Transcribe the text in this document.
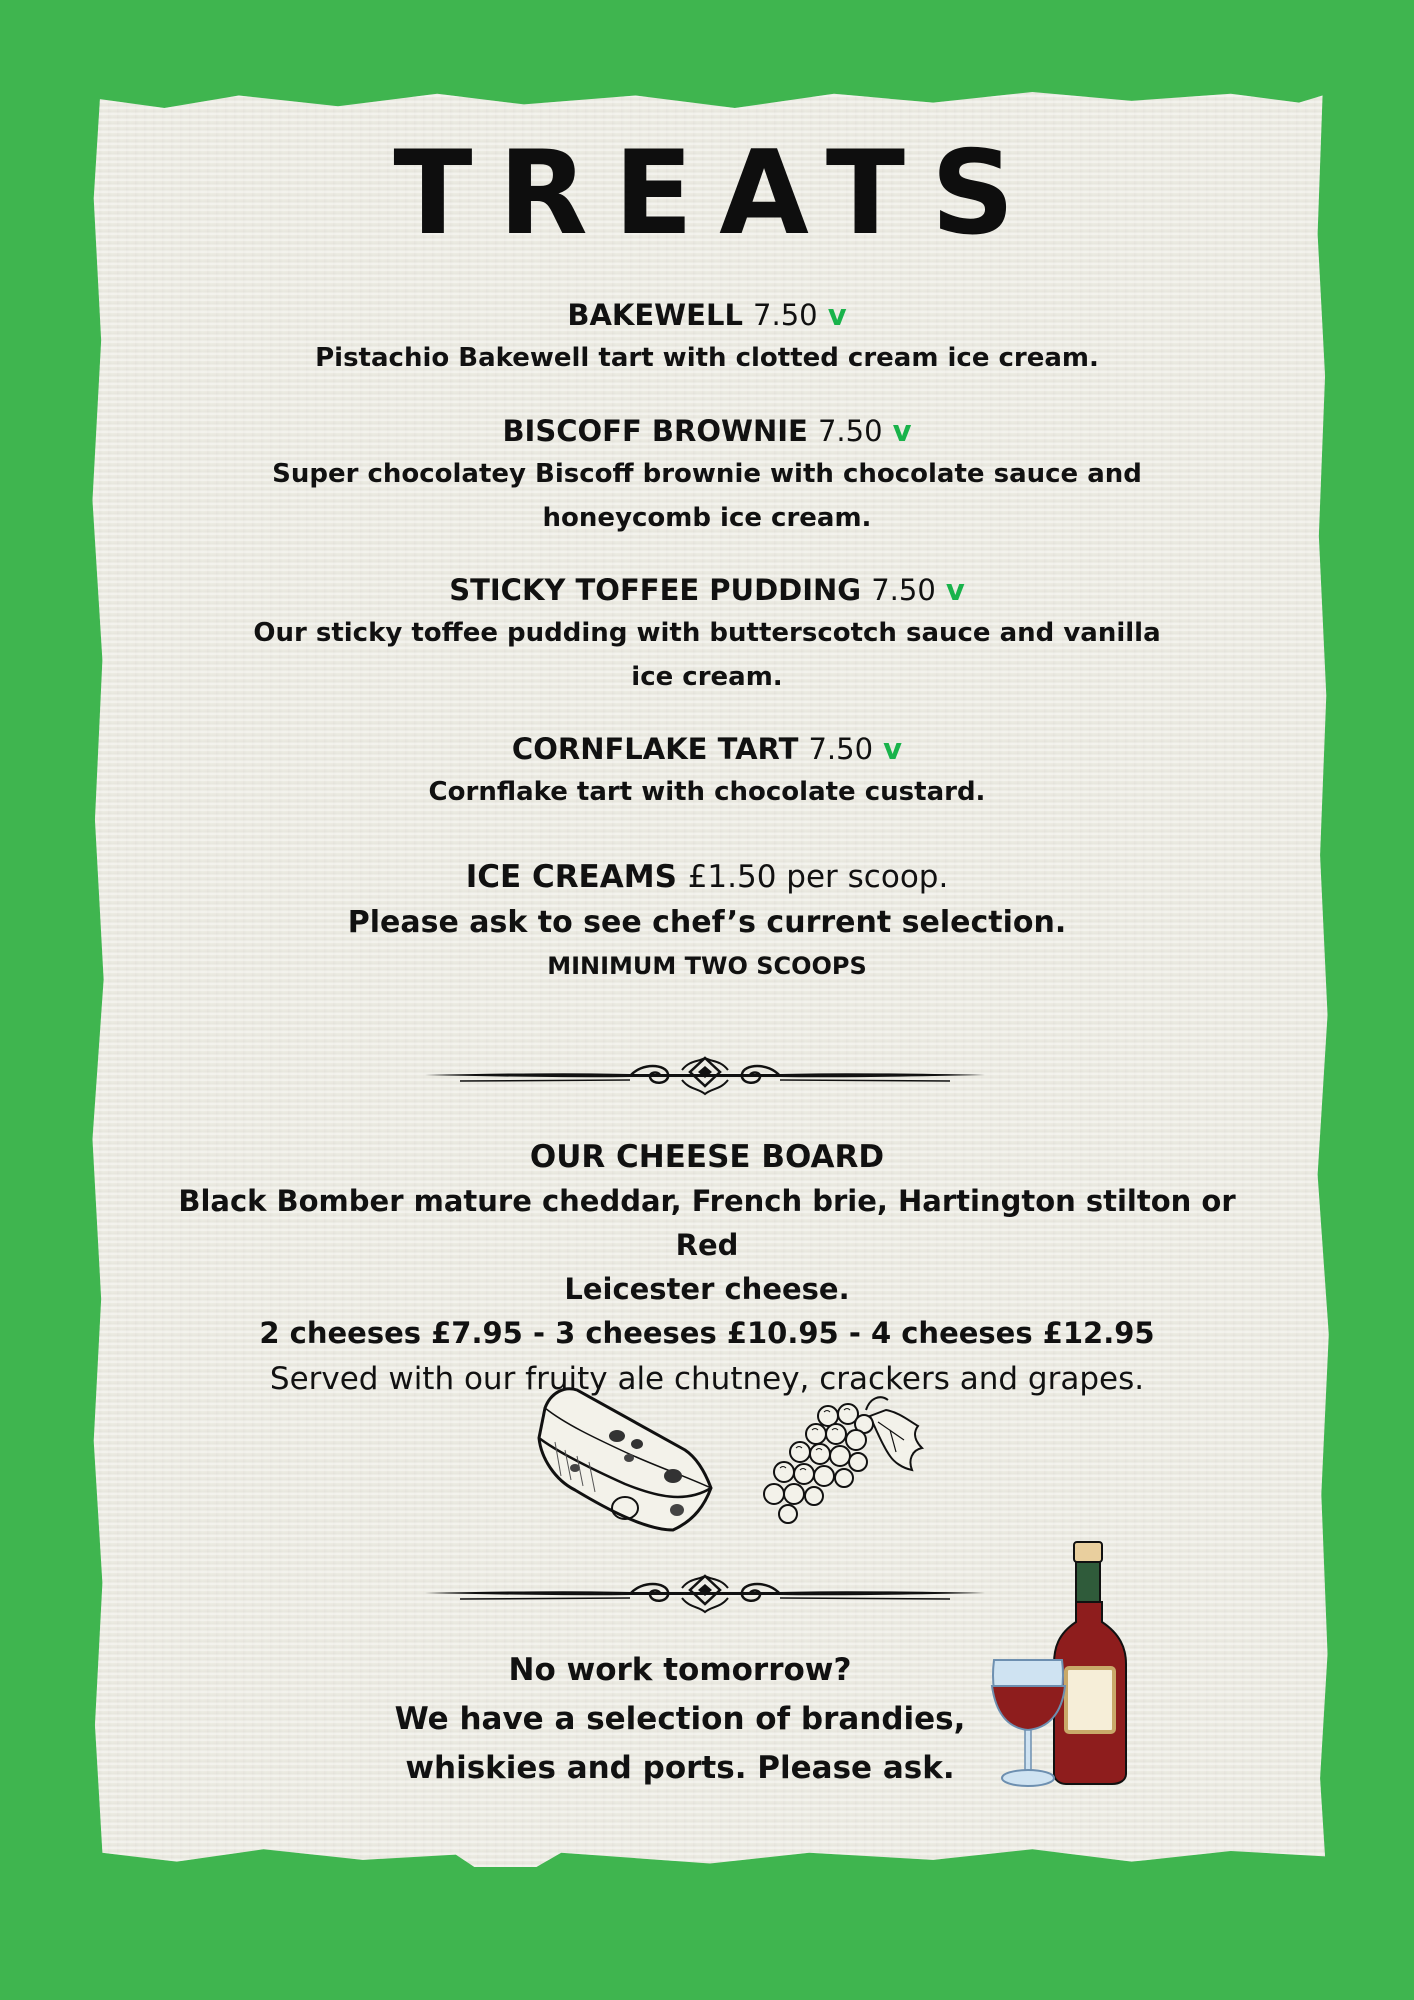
TREATS
BAKEWELL 7.50 v
Pistachio Bakewell tart with clotted cream ice cream.
BISCOFF BROWNIE 7.50 v
Super chocolatey Biscoff brownie with chocolate sauce and
honeycomb ice cream.
STICKY TOFFEE PUDDING 7.50 v
Our sticky toffee pudding with butterscotch sauce and vanilla
ice cream.
CORNFLAKE TART 7.50 v
Cornflake tart with chocolate custard.
ICE CREAMS £1.50 per scoop.
Please ask to see chef’s current selection.
MINIMUM TWO SCOOPS
OUR CHEESE BOARD
Black Bomber mature cheddar, French brie, Hartington stilton or Red
Leicester cheese.
2 cheeses £7.95 - 3 cheeses £10.95 - 4 cheeses £12.95
Served with our fruity ale chutney, crackers and grapes.
No work tomorrow?
We have a selection of brandies,
whiskies and ports. Please ask.
